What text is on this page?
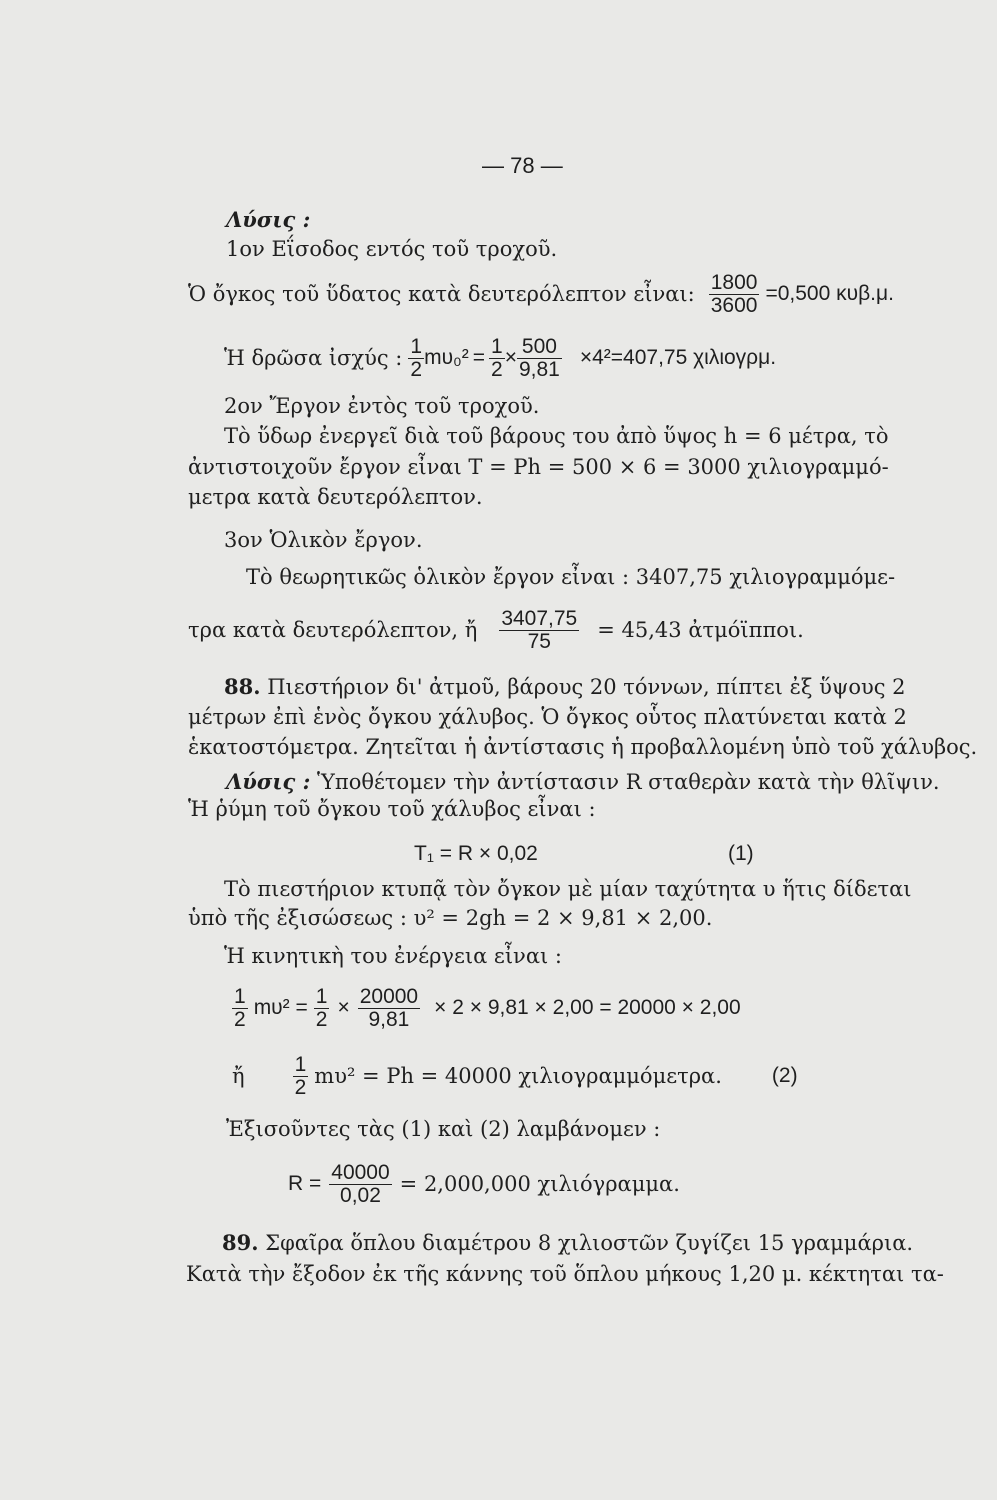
— 78 —
Λύσις :
1ον Εΐσοδος εντός τοῦ τροχοῦ.
Ὁ ὄγκος τοῦ ὕδατος κατὰ δευτερόλεπτον εἶναι: $\frac{1800}{3600} =0,500$ κυβ.μ.
Ἡ δρῶσα ἰσχύς : $\frac{1}{2} m\upsilon_0^2 = \frac{1}{2} \times \frac{500}{9,81} \times 4^2=407,75$ χιλιογρμ.
2ον Ἔργον ἐντὸς τοῦ τροχοῦ.
Τὸ ὕδωρ ἐνεργεῖ διὰ τοῦ βάρους του ἀπὸ ὕψος h = 6 μέτρα, τὸ
ἀντιστοιχοῦν ἔργον εἶναι T = Ph = 500 × 6 = 3000 χιλιογραμμό-
μετρα κατὰ δευτερόλεπτον.
3ον Ὁλικὸν ἔργον.
Τὸ θεωρητικῶς ὁλικὸν ἔργον εἶναι : 3407,75 χιλιογραμμόμε-
τρα κατὰ δευτερόλεπτον, ἤ $\frac{3407,75}{75} = 45,43$ ἀτμόϊπποι.
88. Πιεστήριον δι' ἀτμοῦ, βάρους 20 τόννων, πίπτει ἐξ ὕψους 2
μέτρων ἐπὶ ἑνὸς ὄγκου χάλυβος. Ὁ ὄγκος οὗτος πλατύνεται κατὰ 2
ἑκατοστόμετρα. Ζητεῖται ἡ ἀντίστασις ἡ προβαλλομένη ὑπὸ τοῦ χάλυβος.
Λύσις : Ὑποθέτομεν τὴν ἀντίστασιν R σταθερὰν κατὰ τὴν θλῖψιν.
Ἡ ῥύμη τοῦ ὄγκου τοῦ χάλυβος εἶναι :
T₁ = R × 0,02	(1)
Τὸ πιεστήριον κτυπᾷ τὸν ὄγκον μὲ μίαν ταχύτητα υ ἥτις δίδεται
ὑπὸ τῆς ἐξισώσεως : υ² = 2gh = 2 × 9,81 × 2,00.
Ἡ κινητικὴ του ἐνέργεια εἶναι :
$\frac{1}{2} m\upsilon^2 = \frac{1}{2} \times \frac{20000}{9,81} \times 2 \times 9,81 \times 2,00 = 20000 \times 2,00$
ἤ $\frac{1}{2} m\upsilon^2 = Ph = 40000$ χιλιογραμμόμετρα. (2)
Ἐξισοῦντες τὰς (1) καὶ (2) λαμβάνομεν :
$R = \frac{40000}{0,02} = 2,000,000$ χιλιόγραμμα.
89. Σφαῖρα ὅπλου διαμέτρου 8 χιλιοστῶν ζυγίζει 15 γραμμάρια.
Κατὰ τὴν ἔξοδον ἐκ τῆς κάννης τοῦ ὅπλου μήκους 1,20 μ. κέκτηται τα-
